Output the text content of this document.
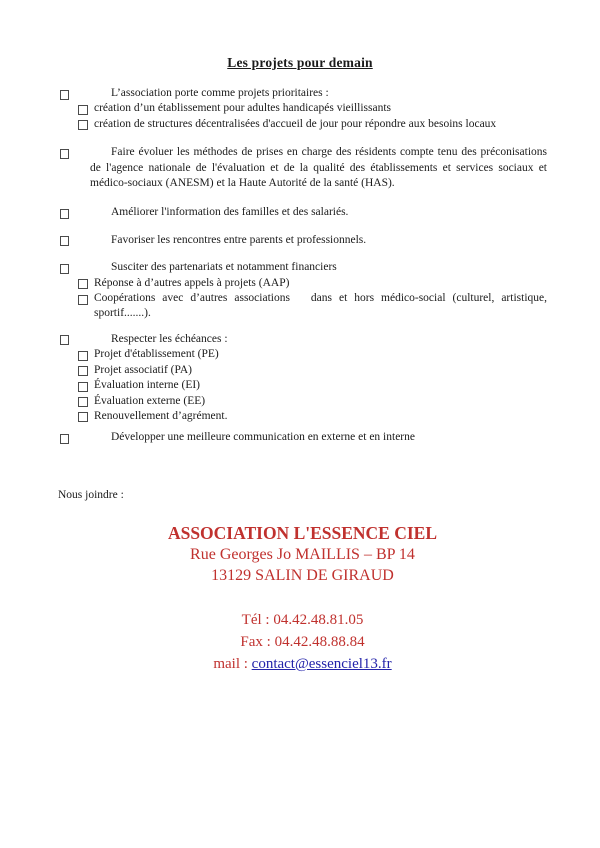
Les projets pour demain
L’association porte comme projets prioritaires :
création d’un établissement pour adultes handicapés vieillissants
création de structures décentralisées d'accueil de jour pour répondre aux besoins locaux
Faire évoluer les méthodes de prises en charge des résidents compte tenu des préconisations de l'agence nationale de l'évaluation et de la qualité des établissements et services sociaux et médico-sociaux (ANESM) et la Haute Autorité de la santé (HAS).
Améliorer l'information des familles et des salariés.
Favoriser les rencontres entre parents et professionnels.
Susciter des partenariats et notamment financiers
Réponse à d’autres appels à projets (AAP)
Coopérations avec d’autres associations   dans et hors médico-social (culturel, artistique, sportif.......).
Respecter les échéances :
Projet d'établissement (PE)
Projet associatif (PA)
Évaluation interne (EI)
Évaluation externe (EE)
Renouvellement d’agrément.
Développer une meilleure communication en externe et en interne
Nous joindre :
ASSOCIATION L'ESSENCE CIEL
Rue Georges Jo MAILLIS – BP 14
13129 SALIN DE GIRAUD
Tél : 04.42.48.81.05
Fax : 04.42.48.88.84
mail : contact@essenciel13.fr
